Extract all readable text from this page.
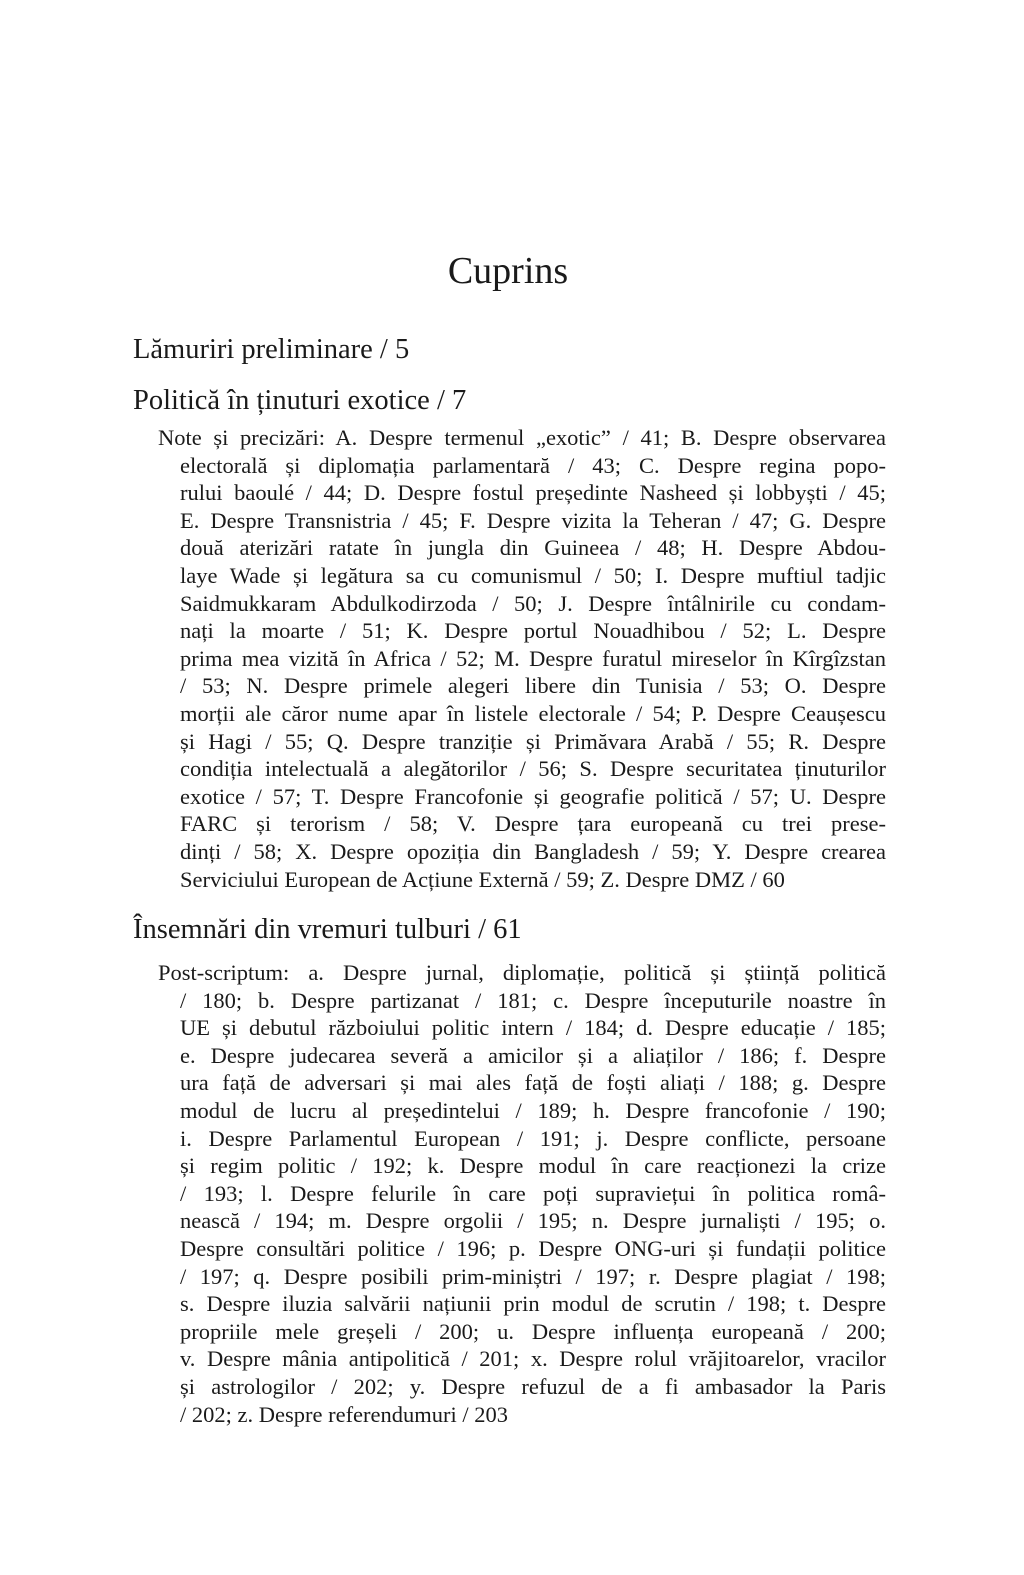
Cuprins
Lămuriri preliminare / 5
Politică în ținuturi exotice / 7
Note și precizări: A. Despre termenul „exotic” / 41; B. Despre observarea
electorală și diplomația parlamentară / 43; C. Despre regina popo-
rului baoulé / 44; D. Despre fostul președinte Nasheed și lobbyști / 45;
E. Despre Transnistria / 45; F. Despre vizita la Teheran / 47; G. Despre
două aterizări ratate în jungla din Guineea / 48; H. Despre Abdou-
laye Wade și legătura sa cu comunismul / 50; I. Despre muftiul tadjic
Saidmukkaram Abdulkodirzoda / 50; J. Despre întâlnirile cu condam-
nați la moarte / 51; K. Despre portul Nouadhibou / 52; L. Despre
prima mea vizită în Africa / 52; M. Despre furatul mireselor în Kîrgîzstan
/ 53; N. Despre primele alegeri libere din Tunisia / 53; O. Despre
morții ale căror nume apar în listele electorale / 54; P. Despre Ceaușescu
și Hagi / 55; Q. Despre tranziție și Primăvara Arabă / 55; R. Despre
condiția intelectuală a alegătorilor / 56; S. Despre securitatea ținuturilor
exotice / 57; T. Despre Francofonie și geografie politică / 57; U. Despre
FARC și terorism / 58; V. Despre țara europeană cu trei prese-
dinți / 58; X. Despre opoziția din Bangladesh / 59; Y. Despre crearea
Serviciului European de Acțiune Externă / 59; Z. Despre DMZ / 60
Însemnări din vremuri tulburi / 61
Post-scriptum: a. Despre jurnal, diplomație, politică și știință politică
/ 180; b. Despre partizanat / 181; c. Despre începuturile noastre în
UE și debutul războiului politic intern / 184; d. Despre educație / 185;
e. Despre judecarea severă a amicilor și a aliaților / 186; f. Despre
ura față de adversari și mai ales față de foști aliați / 188; g. Despre
modul de lucru al președintelui / 189; h. Despre francofonie / 190;
i. Despre Parlamentul European / 191; j. Despre conflicte, persoane
și regim politic / 192; k. Despre modul în care reacționezi la crize
/ 193; l. Despre felurile în care poți supraviețui în politica româ-
nească / 194; m. Despre orgolii / 195; n. Despre jurnaliști / 195; o.
Despre consultări politice / 196; p. Despre ONG-uri și fundații politice
/ 197; q. Despre posibili prim-miniștri / 197; r. Despre plagiat / 198;
s. Despre iluzia salvării națiunii prin modul de scrutin / 198; t. Despre
propriile mele greșeli / 200; u. Despre influența europeană / 200;
v. Despre mânia antipolitică / 201; x. Despre rolul vrăjitoarelor, vracilor
și astrologilor / 202; y. Despre refuzul de a fi ambasador la Paris
/ 202; z. Despre referendumuri / 203
